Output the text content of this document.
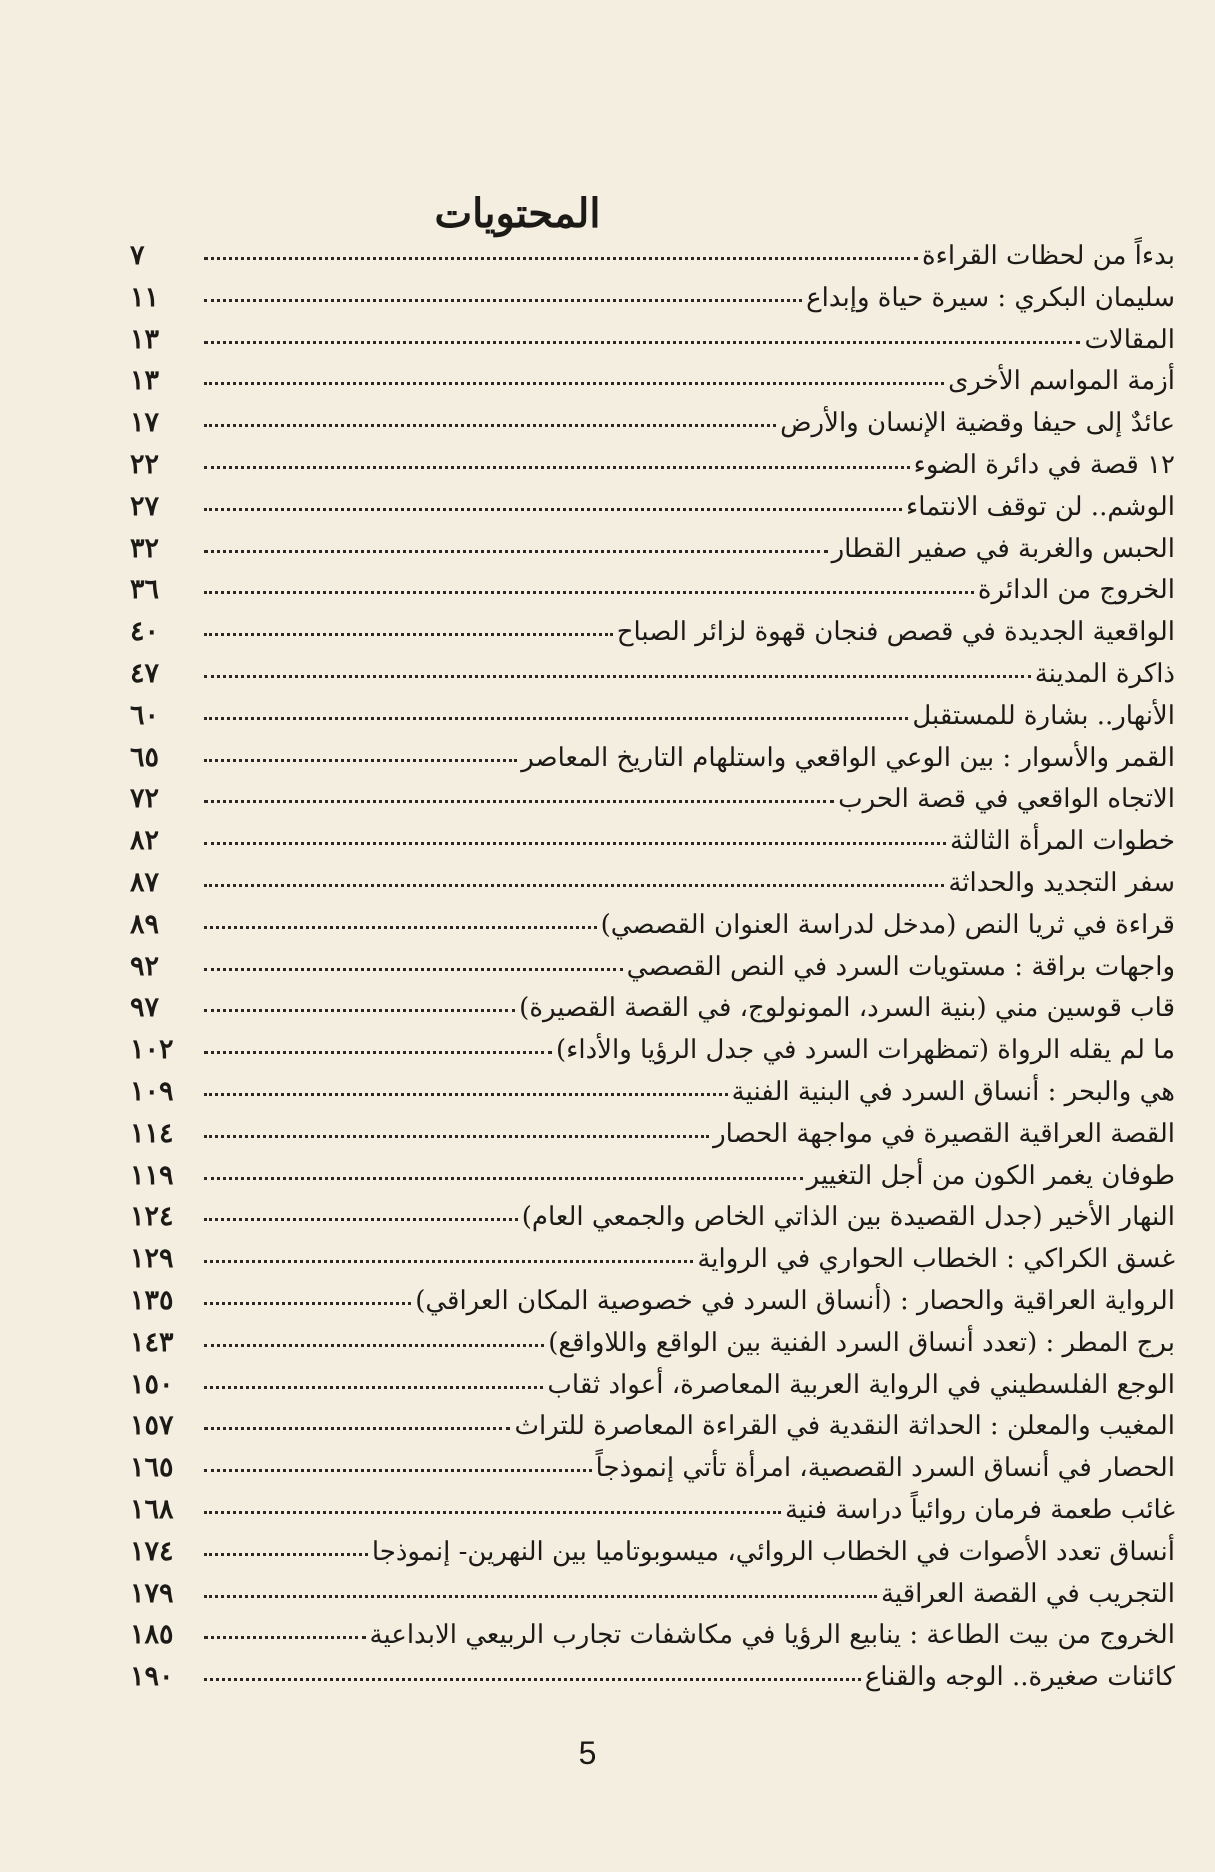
المحتويات
بدءاً من لحظات القراءة
٧
سليمان البكري : سيرة حياة وإبداع
١١
المقالات
١٣
أزمة المواسم الأخرى
١٣
عائدٌ إلى حيفا وقضية الإنسان والأرض
١٧
١٢ قصة في دائرة الضوء
٢٢
الوشم.. لن توقف الانتماء
٢٧
الحبس والغربة في صفير القطار
٣٢
الخروج من الدائرة
٣٦
الواقعية الجديدة في قصص فنجان قهوة لزائر الصباح
٤٠
ذاكرة المدينة
٤٧
الأنهار.. بشارة للمستقبل
٦٠
القمر والأسوار : بين الوعي الواقعي واستلهام التاريخ المعاصر
٦٥
الاتجاه الواقعي في قصة الحرب
٧٢
خطوات المرأة الثالثة
٨٢
سفر التجديد والحداثة
٨٧
قراءة في ثريا النص (مدخل لدراسة العنوان القصصي)
٨٩
واجهات براقة : مستويات السرد في النص القصصي
٩٢
قاب قوسين مني (بنية السرد، المونولوج، في القصة القصيرة)
٩٧
ما لم يقله الرواة (تمظهرات السرد في جدل الرؤيا والأداء)
١٠٢
هي والبحر : أنساق السرد في البنية الفنية
١٠٩
القصة العراقية القصيرة في مواجهة الحصار
١١٤
طوفان يغمر الكون من أجل التغيير
١١٩
النهار الأخير (جدل القصيدة بين الذاتي الخاص والجمعي العام)
١٢٤
غسق الكراكي : الخطاب الحواري في الرواية
١٢٩
الرواية العراقية والحصار : (أنساق السرد في خصوصية المكان العراقي)
١٣٥
برج المطر : (تعدد أنساق السرد الفنية بين الواقع واللاواقع)
١٤٣
الوجع الفلسطيني في الرواية العربية المعاصرة، أعواد ثقاب
١٥٠
المغيب والمعلن : الحداثة النقدية في القراءة المعاصرة للتراث
١٥٧
الحصار في أنساق السرد القصصية، امرأة تأتي إنموذجاً
١٦٥
غائب طعمة فرمان روائياً دراسة فنية
١٦٨
أنساق تعدد الأصوات في الخطاب الروائي، ميسوبوتاميا بين النهرين- إنموذجا
١٧٤
التجريب في القصة العراقية
١٧٩
الخروج من بيت الطاعة : ينابيع الرؤيا في مكاشفات تجارب الربيعي الابداعية
١٨٥
كائنات صغيرة.. الوجه والقناع
١٩٠
5
